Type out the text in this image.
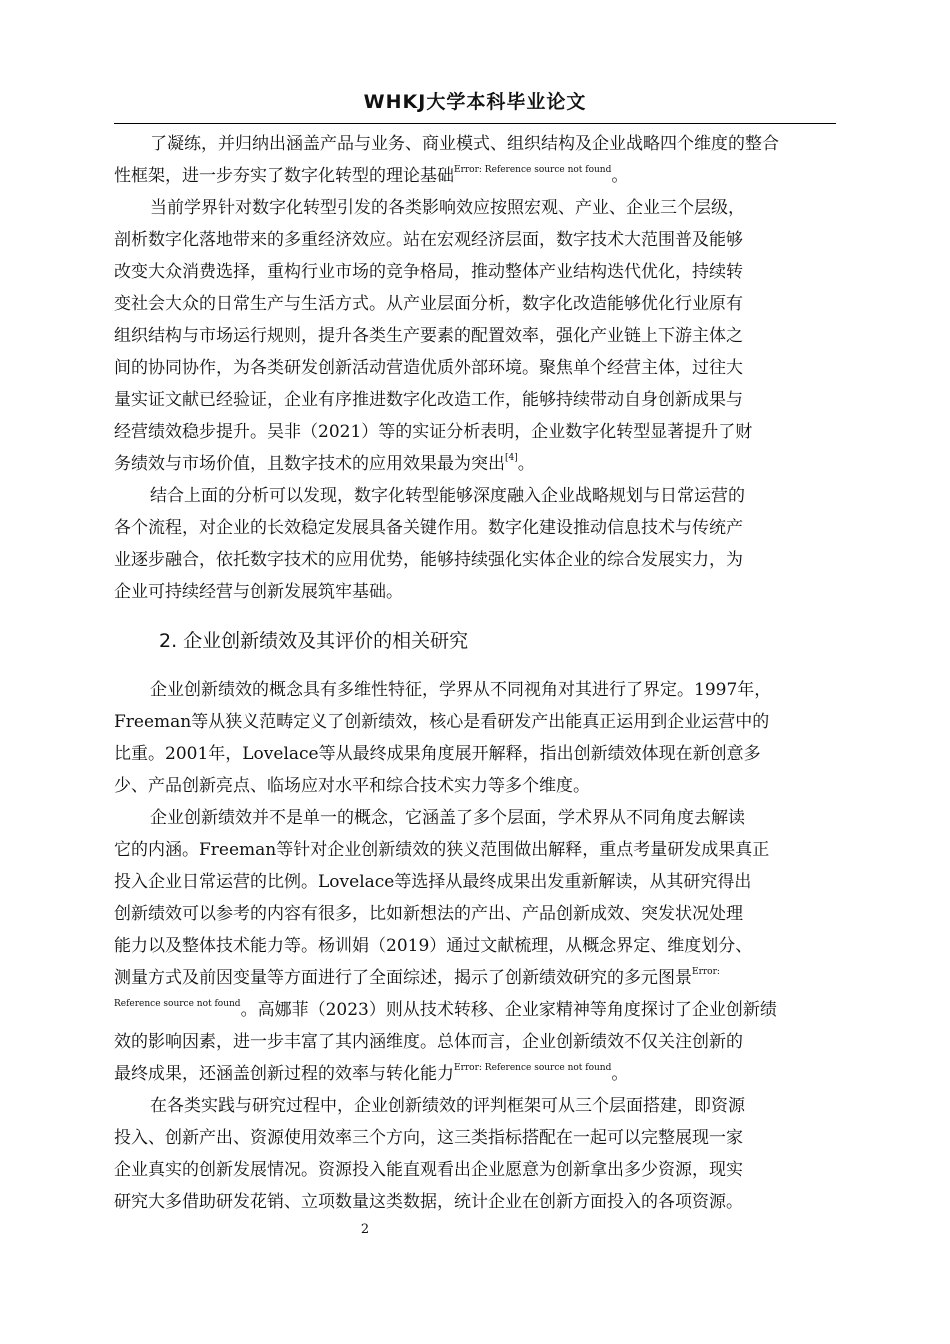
WHKJ大学本科毕业论文
了凝练，并归纳出涵盖产品与业务、商业模式、组织结构及企业战略四个维度的整合
性框架，进一步夯实了数字化转型的理论基础$^{Error: Reference source not found}$。
当前学界针对数字化转型引发的各类影响效应按照宏观、产业、企业三个层级，
剖析数字化落地带来的多重经济效应。站在宏观经济层面，数字技术大范围普及能够
改变大众消费选择，重构行业市场的竞争格局，推动整体产业结构迭代优化，持续转
变社会大众的日常生产与生活方式。从产业层面分析，数字化改造能够优化行业原有
组织结构与市场运行规则，提升各类生产要素的配置效率，强化产业链上下游主体之
间的协同协作，为各类研发创新活动营造优质外部环境。聚焦单个经营主体，过往大
量实证文献已经验证，企业有序推进数字化改造工作，能够持续带动自身创新成果与
经营绩效稳步提升。吴非（2021）等的实证分析表明，企业数字化转型显著提升了财
务绩效与市场价值，且数字技术的应用效果最为突出[4]。
结合上面的分析可以发现，数字化转型能够深度融入企业战略规划与日常运营的
各个流程，对企业的长效稳定发展具备关键作用。数字化建设推动信息技术与传统产
业逐步融合，依托数字技术的应用优势，能够持续强化实体企业的综合发展实力，为
企业可持续经营与创新发展筑牢基础。
2. 企业创新绩效及其评价的相关研究
企业创新绩效的概念具有多维性特征，学界从不同视角对其进行了界定。1997年，
Freeman等从狭义范畴定义了创新绩效，核心是看研发产出能真正运用到企业运营中的
比重。2001年，Lovelace等从最终成果角度展开解释，指出创新绩效体现在新创意多
少、产品创新亮点、临场应对水平和综合技术实力等多个维度。
企业创新绩效并不是单一的概念，它涵盖了多个层面，学术界从不同角度去解读
它的内涵。Freeman等针对企业创新绩效的狭义范围做出解释，重点考量研发成果真正
投入企业日常运营的比例。Lovelace等选择从最终成果出发重新解读，从其研究得出
创新绩效可以参考的内容有很多，比如新想法的产出、产品创新成效、突发状况处理
能力以及整体技术能力等。杨训娟（2019）通过文献梳理，从概念界定、维度划分、
测量方式及前因变量等方面进行了全面综述，揭示了创新绩效研究的多元图景$^{Error:}$
$^{Reference source not found}$。高娜菲（2023）则从技术转移、企业家精神等角度探讨了企业创新绩
效的影响因素，进一步丰富了其内涵维度。总体而言，企业创新绩效不仅关注创新的
最终成果，还涵盖创新过程的效率与转化能力$^{Error: Reference source not found}$。
在各类实践与研究过程中，企业创新绩效的评判框架可从三个层面搭建，即资源
投入、创新产出、资源使用效率三个方向，这三类指标搭配在一起可以完整展现一家
企业真实的创新发展情况。资源投入能直观看出企业愿意为创新拿出多少资源，现实
研究大多借助研发花销、立项数量这类数据，统计企业在创新方面投入的各项资源。
2
